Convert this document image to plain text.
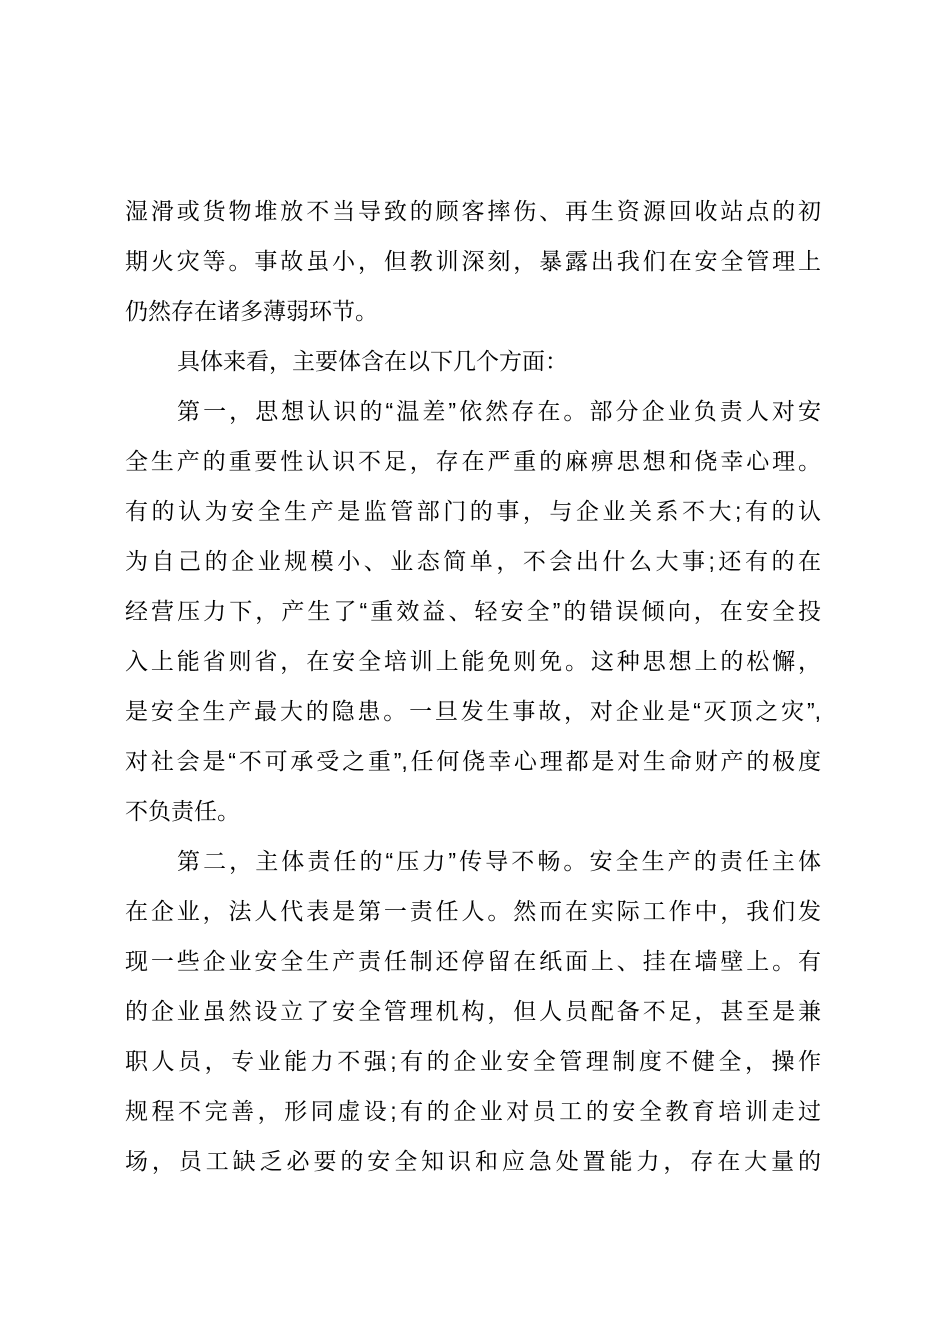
湿滑或货物堆放不当导致的顾客摔伤、再生资源回收站点的初
期火灾等。事故虽小，但教训深刻，暴露出我们在安全管理上
仍然存在诸多薄弱环节。
具体来看，主要体含在以下几个方面：
第一，思想认识的“温差”依然存在。部分企业负责人对安
全生产的重要性认识不足，存在严重的麻痹思想和侥幸心理。
有的认为安全生产是监管部门的事，与企业关系不大;有的认
为自己的企业规模小、业态简单，不会出什么大事;还有的在
经营压力下，产生了“重效益、轻安全”的错误倾向，在安全投
入上能省则省，在安全培训上能免则免。这种思想上的松懈，
是安全生产最大的隐患。一旦发生事故，对企业是“灭顶之灾”,
对社会是“不可承受之重”,任何侥幸心理都是对生命财产的极度
不负责任。
第二，主体责任的“压力”传导不畅。安全生产的责任主体
在企业，法人代表是第一责任人。然而在实际工作中，我们发
现一些企业安全生产责任制还停留在纸面上、挂在墙壁上。有
的企业虽然设立了安全管理机构，但人员配备不足，甚至是兼
职人员，专业能力不强;有的企业安全管理制度不健全，操作
规程不完善，形同虚设;有的企业对员工的安全教育培训走过
场，员工缺乏必要的安全知识和应急处置能力，存在大量的
